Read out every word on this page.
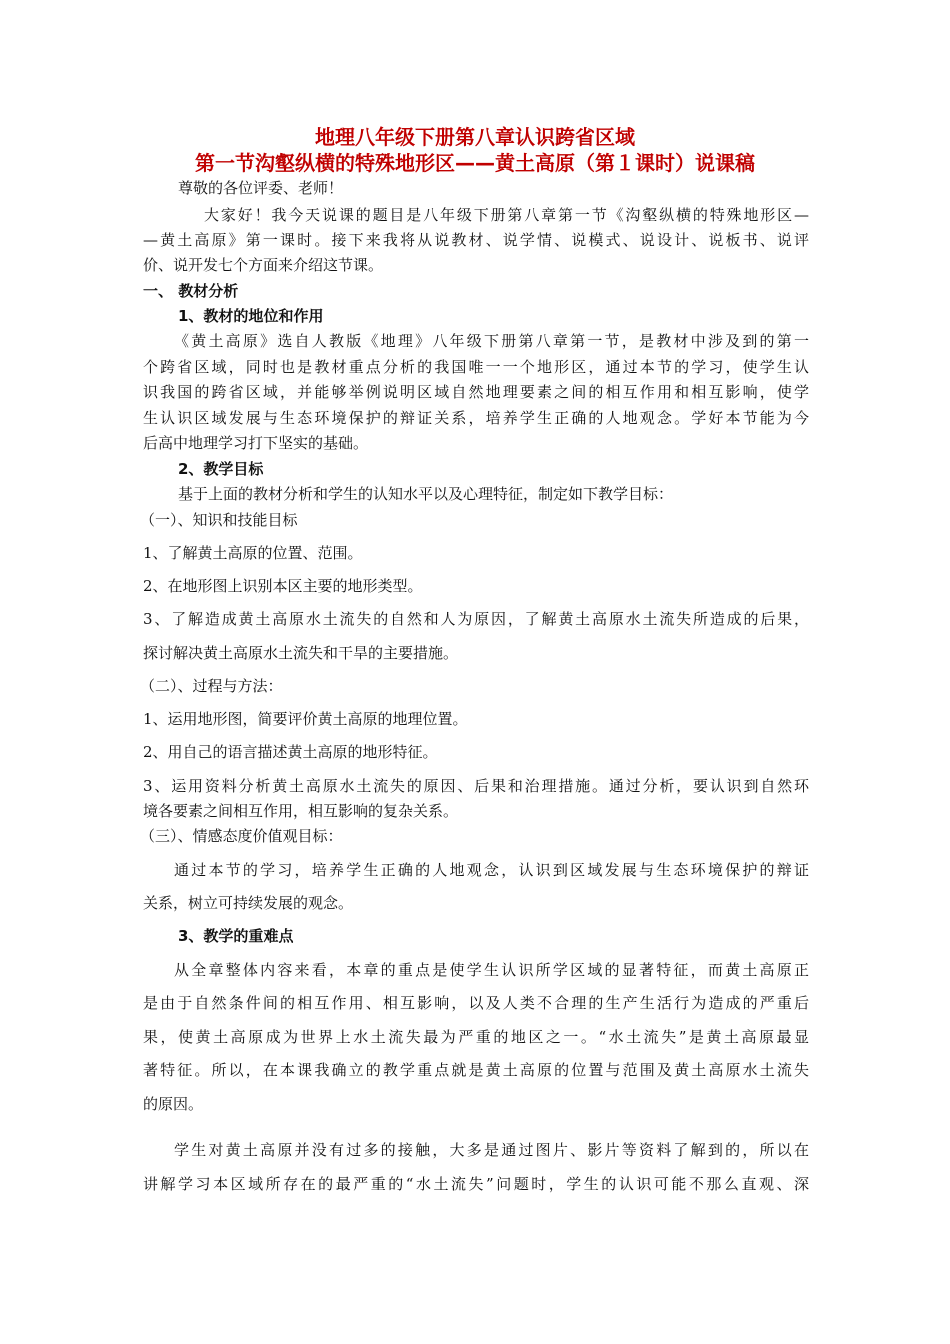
地理八年级下册第八章认识跨省区域
第一节沟壑纵横的特殊地形区——黄土高原（第１课时）说课稿
尊敬的各位评委、老师！
大家好！我今天说课的题目是八年级下册第八章第一节《沟壑纵横的特殊地形区—
—黄土高原》第一课时。接下来我将从说教材、说学情、说模式、说设计、说板书、说评
价、说开发七个方面来介绍这节课。
一、 教材分析
1、教材的地位和作用
《黄土高原》选自人教版《地理》八年级下册第八章第一节，是教材中涉及到的第一
个跨省区域，同时也是教材重点分析的我国唯一一个地形区，通过本节的学习，使学生认
识我国的跨省区域，并能够举例说明区域自然地理要素之间的相互作用和相互影响，使学
生认识区域发展与生态环境保护的辩证关系，培养学生正确的人地观念。学好本节能为今
后高中地理学习打下坚实的基础。
2、教学目标
基于上面的教材分析和学生的认知水平以及心理特征，制定如下教学目标：
（一）、知识和技能目标
1、了解黄土高原的位置、范围。
2、在地形图上识别本区主要的地形类型。
3、了解造成黄土高原水土流失的自然和人为原因，了解黄土高原水土流失所造成的后果，
探讨解决黄土高原水土流失和干旱的主要措施。
（二）、过程与方法：
1、运用地形图，简要评价黄土高原的地理位置。
2、用自己的语言描述黄土高原的地形特征。
3、运用资料分析黄土高原水土流失的原因、后果和治理措施。通过分析，要认识到自然环
境各要素之间相互作用，相互影响的复杂关系。
（三）、情感态度价值观目标：
通过本节的学习，培养学生正确的人地观念，认识到区域发展与生态环境保护的辩证
关系，树立可持续发展的观念。
3、教学的重难点
从全章整体内容来看，本章的重点是使学生认识所学区域的显著特征，而黄土高原正
是由于自然条件间的相互作用、相互影响，以及人类不合理的生产生活行为造成的严重后
果，使黄土高原成为世界上水土流失最为严重的地区之一。“水土流失”是黄土高原最显
著特征。所以，在本课我确立的教学重点就是黄土高原的位置与范围及黄土高原水土流失
的原因。
学生对黄土高原并没有过多的接触，大多是通过图片、影片等资料了解到的，所以在
讲解学习本区域所存在的最严重的“水土流失”问题时，学生的认识可能不那么直观、深
